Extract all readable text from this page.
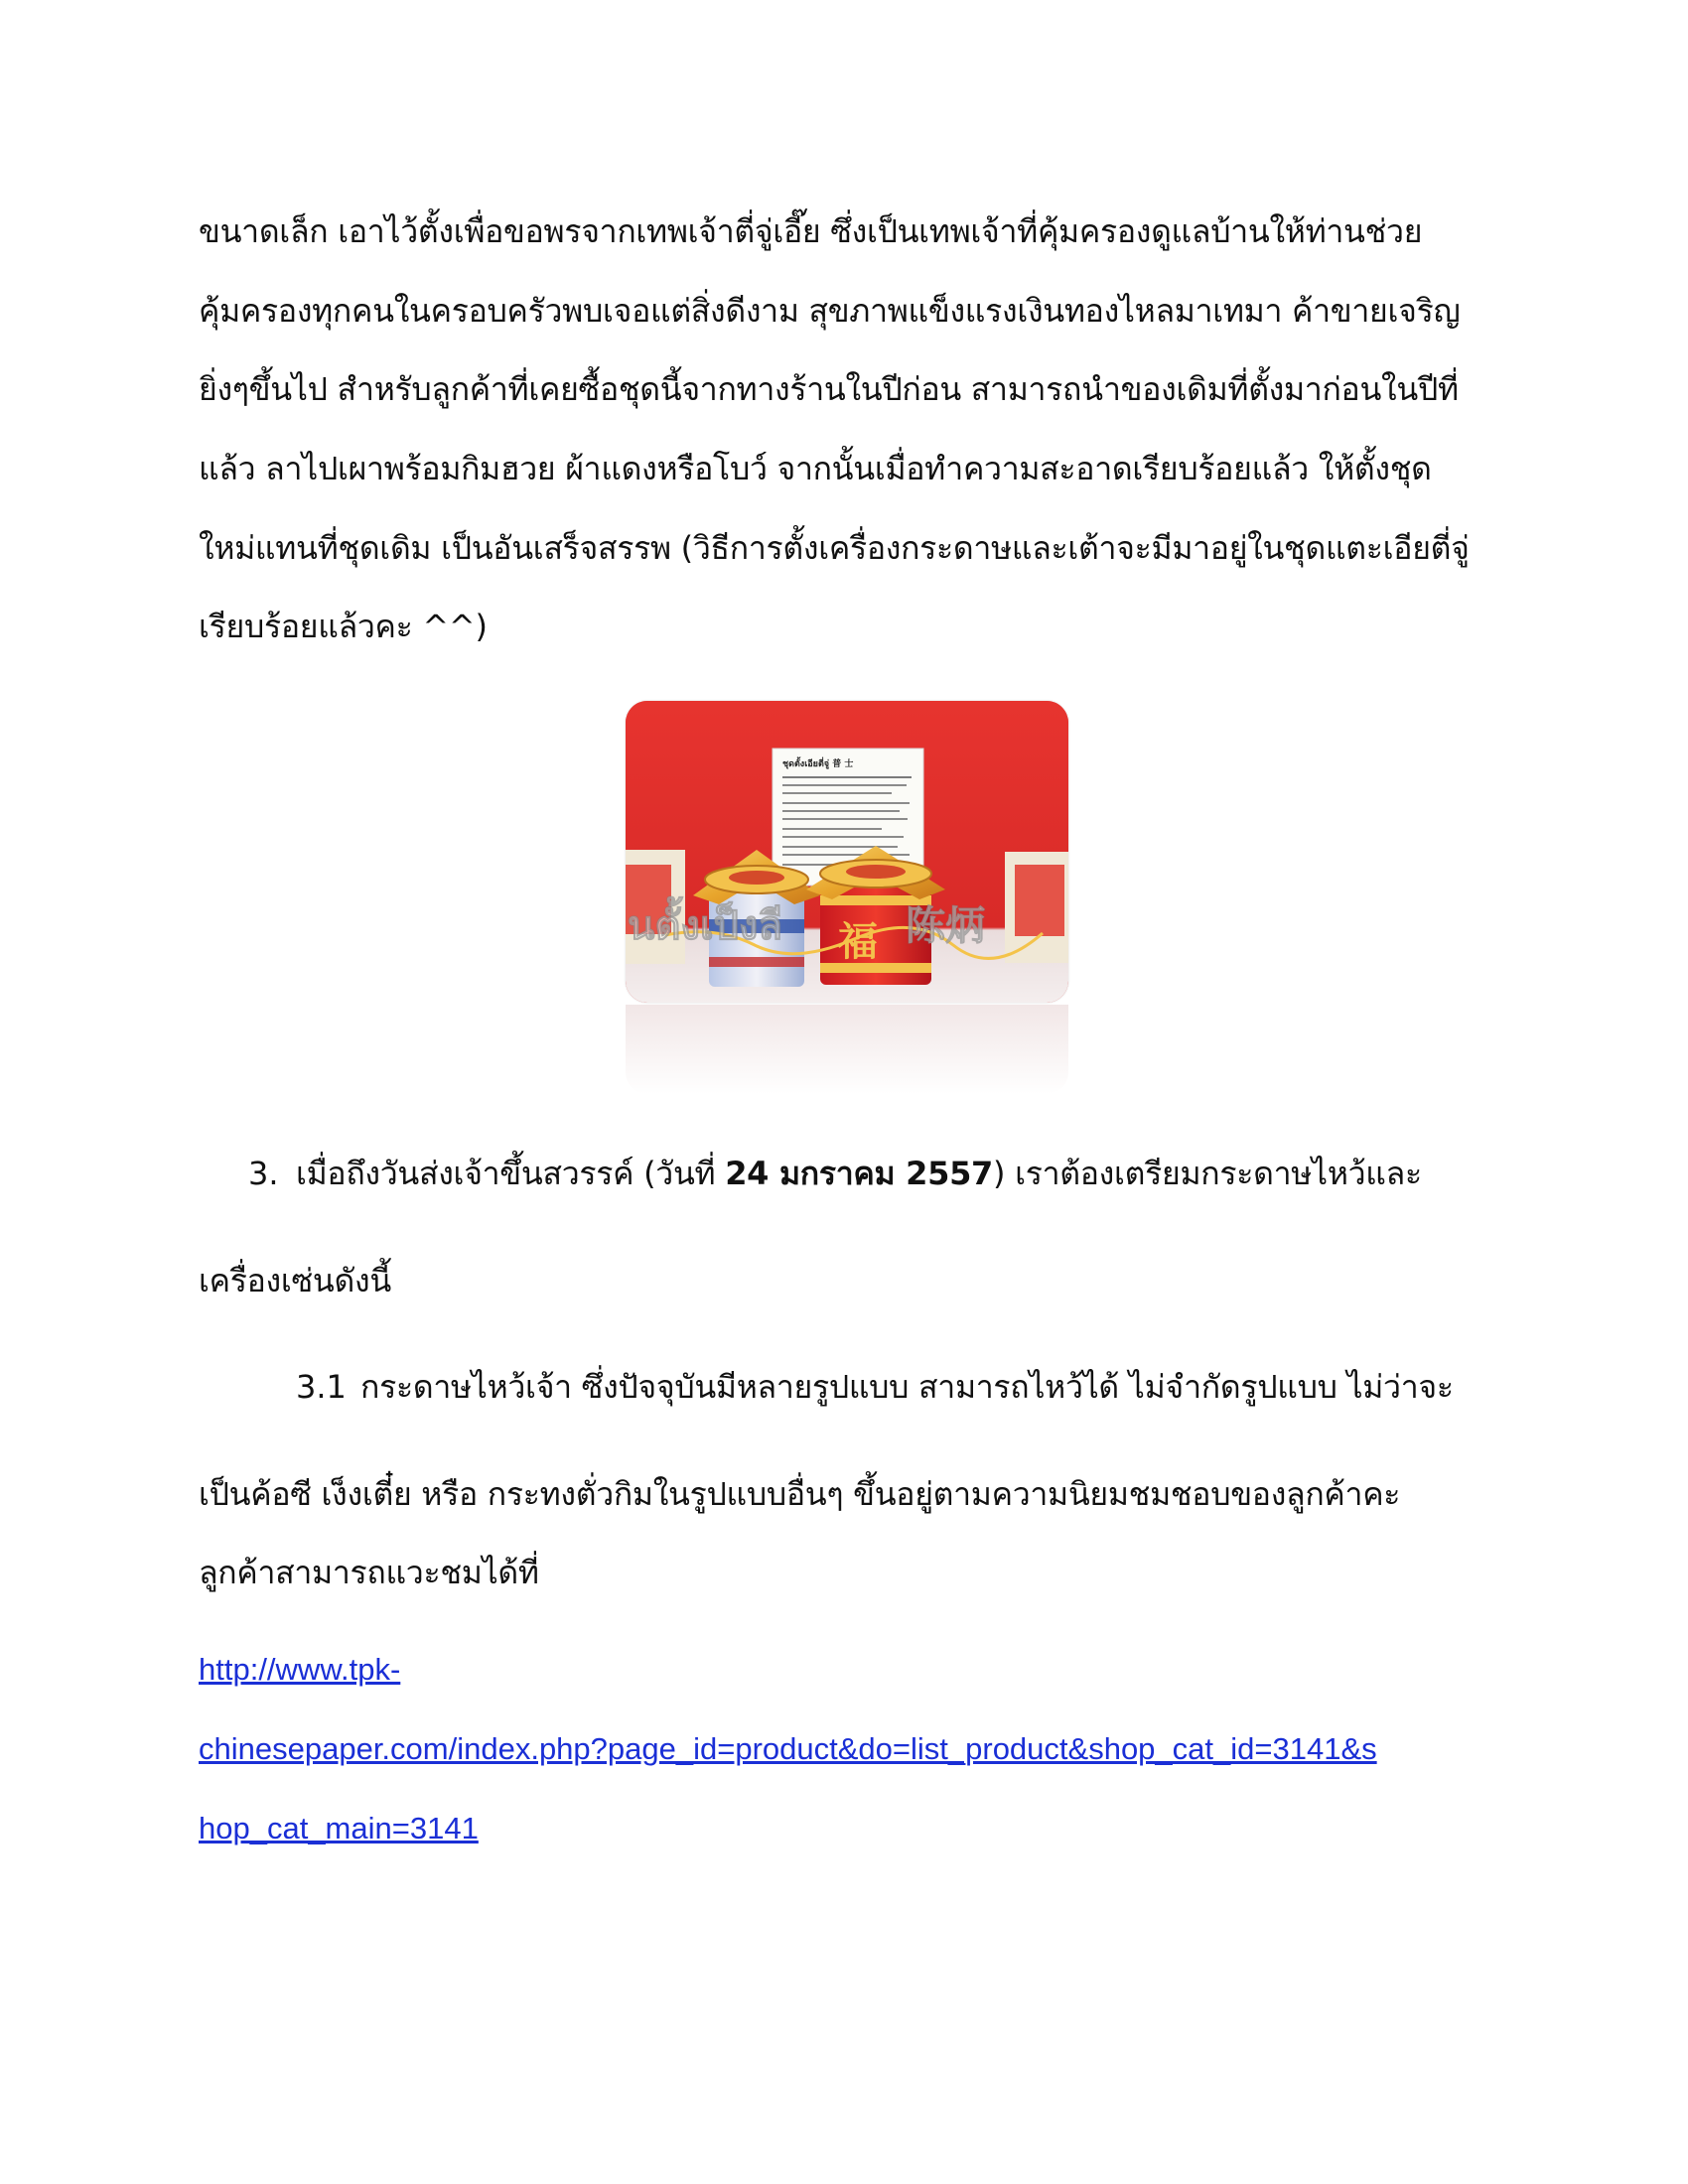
ขนาดเล็ก เอาไว้ตั้งเพื่อขอพรจากเทพเจ้าตี่จู่เอี๊ย ซึ่งเป็นเทพเจ้าที่คุ้มครองดูแลบ้านให้ท่านช่วย
คุ้มครองทุกคนในครอบครัวพบเจอแต่สิ่งดีงาม สุขภาพแข็งแรงเงินทองไหลมาเทมา ค้าขายเจริญ
ยิ่งๆขึ้นไป สำหรับลูกค้าที่เคยซื้อชุดนี้จากทางร้านในปีก่อน สามารถนำของเดิมที่ตั้งมาก่อนในปีที่
แล้ว ลาไปเผาพร้อมกิมฮวย ผ้าแดงหรือโบว์ จากนั้นเมื่อทำความสะอาดเรียบร้อยแล้ว ให้ตั้งชุด
ใหม่แทนที่ชุดเดิม เป็นอันเสร็จสรรพ (วิธีการตั้งเครื่องกระดาษและเต้าจะมีมาอยู่ในชุดแตะเอียตี่จู่
เรียบร้อยแล้วคะ ^^)
ชุดตั้งเอียตี่จู่ 普 士
福
นตั้งเป็งลี	陈炳
3. เมื่อถึงวันส่งเจ้าขึ้นสวรรค์ (วันที่ 24 มกราคม 2557) เราต้องเตรียมกระดาษไหว้และ
เครื่องเซ่นดังนี้
3.1 กระดาษไหว้เจ้า ซึ่งปัจจุบันมีหลายรูปแบบ สามารถไหว้ได้ ไม่จำกัดรูปแบบ ไม่ว่าจะ
เป็นค้อซี เง็งเตี๋ย หรือ กระทงตั่วกิมในรูปแบบอื่นๆ ขึ้นอยู่ตามความนิยมชมชอบของลูกค้าคะ
ลูกค้าสามารถแวะชมได้ที่
http://www.tpk-
chinesepaper.com/index.php?page_id=product&do=list_product&shop_cat_id=3141&s
hop_cat_main=3141
